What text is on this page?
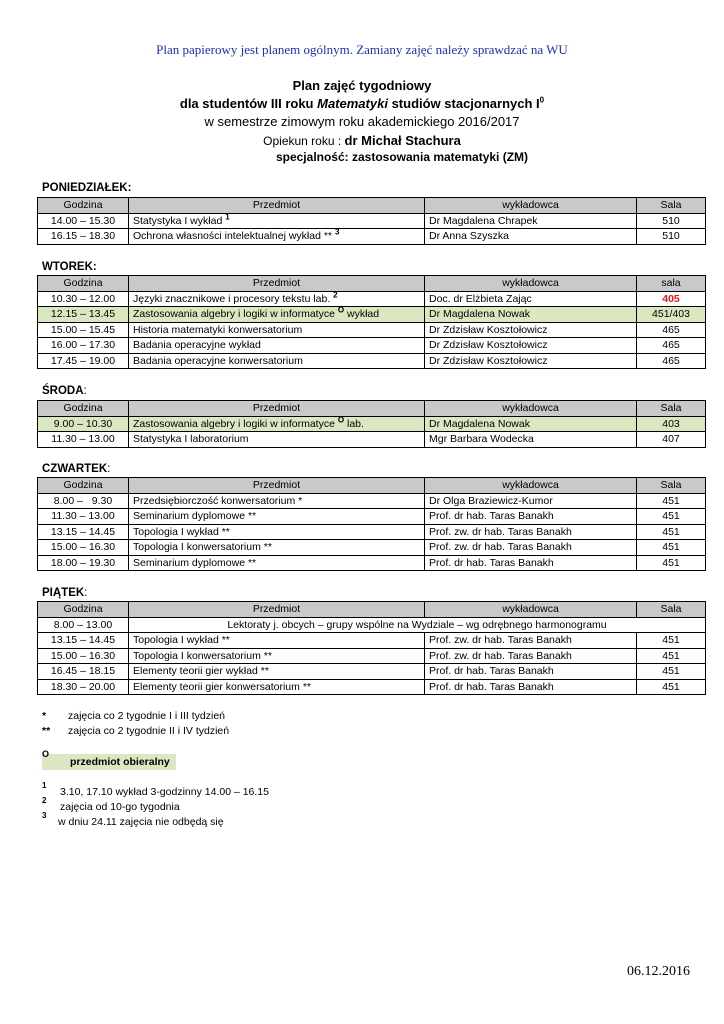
Plan papierowy jest planem ogólnym. Zamiany zajęć należy sprawdzać na WU
Plan zajęć tygodniowy
dla studentów III roku Matematyki studiów stacjonarnych $I^0$
w semestrze zimowym roku akademickiego 2016/2017
Opiekun roku : dr Michał Stachura
specjalność: zastosowania matematyki (ZM)
PONIEDZIAŁEK:
Godzina	Przedmiot	wykładowca	Sala
14.00 – 15.30	Statystyka I wykład $^1$	Dr Magdalena Chrapek	510
16.15 – 18.30	Ochrona własności intelektualnej wykład ** $^3$	Dr Anna Szyszka	510
WTOREK:
Godzina	Przedmiot	wykładowca	sala
10.30 – 12.00	Języki znacznikowe i procesory tekstu lab. $^2$	Doc. dr Elżbieta Zając	405
12.15 – 13.45	Zastosowania algebry i logiki w informatyce $^O$ wykład	Dr Magdalena Nowak	451/403
15.00 – 15.45	Historia matematyki konwersatorium	Dr Zdzisław Kosztołowicz	465
16.00 – 17.30	Badania operacyjne wykład	Dr Zdzisław Kosztołowicz	465
17.45 – 19.00	Badania operacyjne konwersatorium	Dr Zdzisław Kosztołowicz	465
ŚRODA:
Godzina	Przedmiot	wykładowca	Sala
9.00 – 10.30	Zastosowania algebry i logiki w informatyce $^O$ lab.	Dr Magdalena Nowak	403
11.30 – 13.00	Statystyka I laboratorium	Mgr Barbara Wodecka	407
CZWARTEK:
Godzina	Przedmiot	wykładowca	Sala
8.00 –   9.30	Przedsiębiorczość konwersatorium *	Dr Olga Braziewicz-Kumor	451
11.30 – 13.00	Seminarium dyplomowe **	Prof. dr hab. Taras Banakh	451
13.15 – 14.45	Topologia I wykład **	Prof. zw. dr hab. Taras Banakh	451
15.00 – 16.30	Topologia I konwersatorium **	Prof. zw. dr hab. Taras Banakh	451
18.00 – 19.30	Seminarium dyplomowe **	Prof. dr hab. Taras Banakh	451
PIĄTEK:
Godzina	Przedmiot	wykładowca	Sala
8.00 – 13.00	Lektoraty j. obcych – grupy wspólne na Wydziale – wg odrębnego harmonogramu		
13.15 – 14.45	Topologia I wykład **	Prof. zw. dr hab. Taras Banakh	451
15.00 – 16.30	Topologia I konwersatorium **	Prof. zw. dr hab. Taras Banakh	451
16.45 – 18.15	Elementy teorii gier wykład **	Prof. dr hab. Taras Banakh	451
18.30 – 20.00	Elementy teorii gier konwersatorium **	Prof. dr hab. Taras Banakh	451
* zajęcia co 2 tygodnie I i III tydzień
** zajęcia co 2 tygodnie II i IV tydzień
O
przedmiot obieralny
1
3.10, 17.10 wykład 3-godzinny 14.00 – 16.15
2
zajęcia od 10-go tygodnia
3
w dniu 24.11 zajęcia nie odbędą się
06.12.2016
